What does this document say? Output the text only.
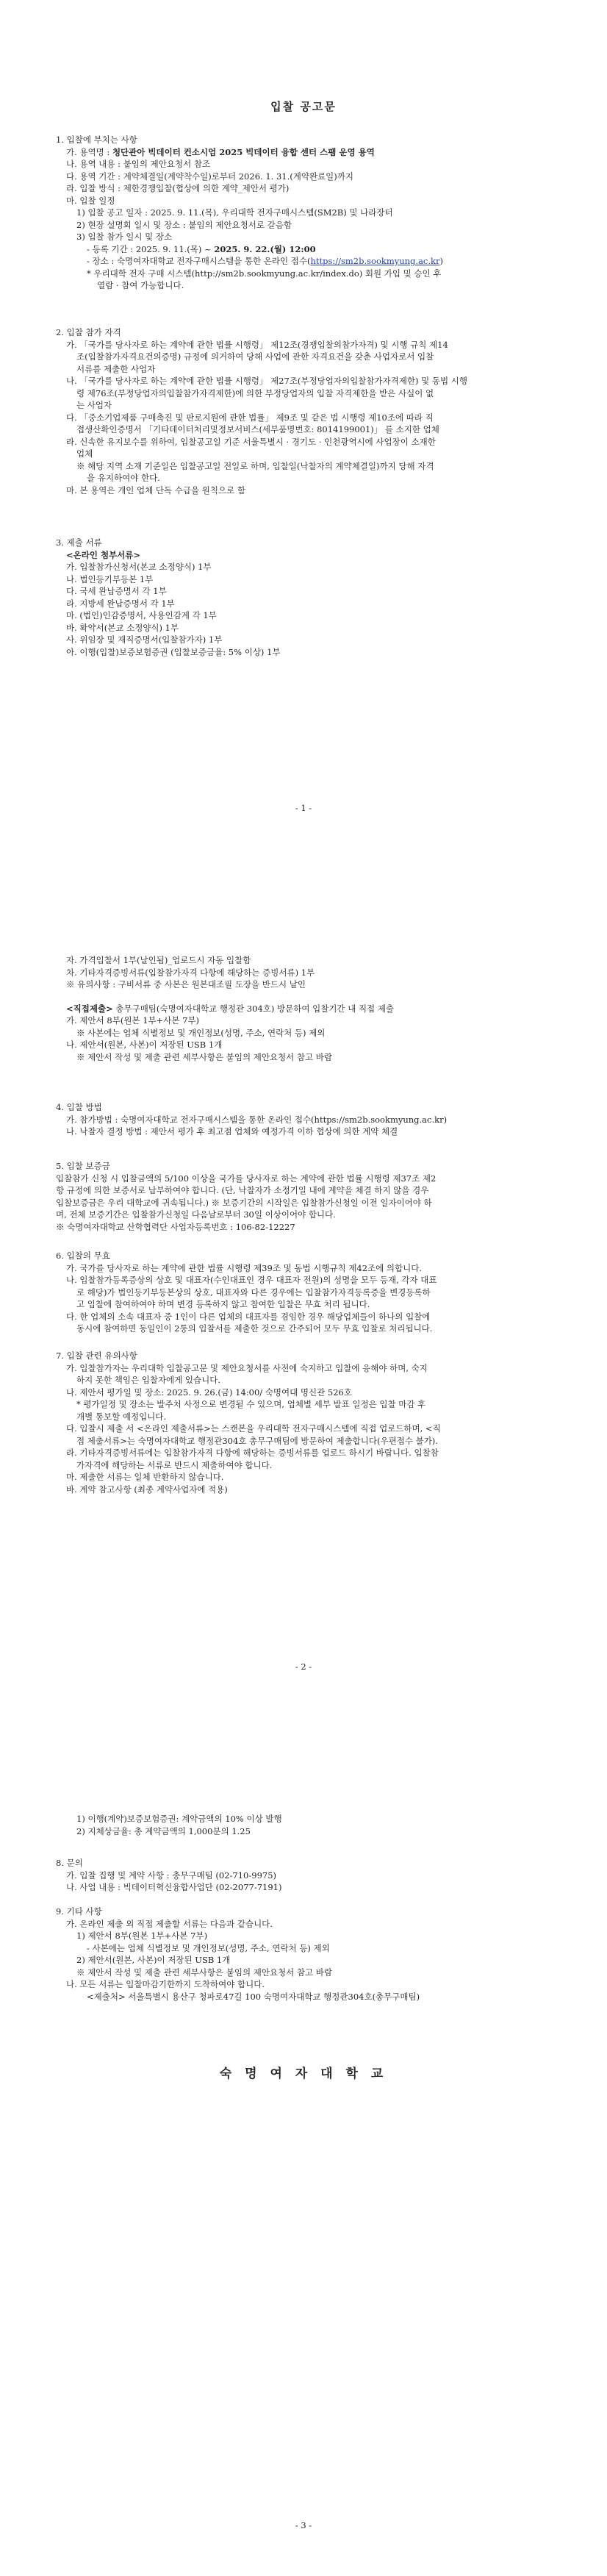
입찰 공고문
1. 입찰에 부치는 사항
가. 용역명 : 청단관아 빅데이터 컨소시엄 2025 빅데이터 융합 센터 스팸 운영 용역
나. 용역 내용 : 붙임의 제안요청서 참조
다. 용역 기간 : 계약체결일(계약착수일)로부터 2026. 1. 31.(계약완료일)까지
라. 입찰 방식 : 제한경쟁입찰(협상에 의한 계약_제안서 평가)
마. 입찰 일정
1) 입찰 공고 일자 : 2025. 9. 11.(목), 우리대학 전자구매시스템(SM2B) 및 나라장터
2) 현장 설명회 일시 및 장소 : 붙임의 제안요청서로 갈음함
3) 입찰 참가 일시 및 장소
- 등록 기간 : 2025. 9. 11.(목) ~ 2025. 9. 22.(월) 12:00
- 장소 : 숙명여자대학교 전자구매시스템을 통한 온라인 접수(https://sm2b.sookmyung.ac.kr)
* 우리대학 전자 구매 시스템(http://sm2b.sookmyung.ac.kr/index.do) 회원 가입 및 승인 후
열람 · 참여 가능합니다.
2. 입찰 참가 자격
가. 「국가를 당사자로 하는 계약에 관한 법률 시행령」 제12조(경쟁입찰의참가자격) 및 시행 규칙 제14
조(입찰참가자격요건의증명) 규정에 의거하여 당해 사업에 관한 자격요건을 갖춘 사업자로서 입찰
서류를 제출한 사업자
나. 「국가를 당사자로 하는 계약에 관한 법률 시행령」 제27조(부정당업자의입찰참가자격제한) 및 동법 시행
령 제76조(부정당업자의입찰참가자격제한)에 의한 부정당업자의 입찰 자격제한을 받은 사실이 없
는 사업자
다. 「중소기업제품 구매촉진 및 판로지원에 관한 법률」 제9조 및 같은 법 시행령 제10조에 따라 직
접생산확인증명서 「기타데이터처리및정보서비스(세부품명번호: 8014199001)」 를 소지한 업체
라. 신속한 유지보수를 위하여, 입찰공고일 기준 서울특별시 · 경기도 · 인천광역시에 사업장이 소재한
업체
※ 해당 지역 소재 기준일은 입찰공고일 전일로 하며, 입찰일(낙찰자의 계약체결일)까지 당해 자격
을 유지하여야 한다.
마. 본 용역은 개인 업체 단독 수급을 원칙으로 함
3. 제출 서류
<온라인 첨부서류>
가. 입찰참가신청서(본교 소정양식) 1부
나. 법인등기부등본 1부
다. 국세 완납증명서 각 1부
라. 지방세 완납증명서 각 1부
마. (법인)인감증명서, 사용인감계 각 1부
바. 확약서(본교 소정양식) 1부
사. 위임장 및 재직증명서(입찰참가자) 1부
아. 이행(입찰)보증보험증권 (입찰보증금율: 5% 이상) 1부
- 1 -
자. 가격입찰서 1부(날인됨)_업로드시 자동 입찰함
차. 기타자격증빙서류(입찰참가자격 다항에 해당하는 증빙서류) 1부
※ 유의사항 : 구비서류 중 사본은 원본대조필 도장을 반드시 날인
<직접제출> 총무구매팀(숙명여자대학교 행정관 304호) 방문하여 입찰기간 내 직접 제출
가. 제안서 8부(원본 1부+사본 7부)
※ 사본에는 업체 식별정보 및 개인정보(성명, 주소, 연락처 등) 제외
나. 제안서(원본, 사본)이 저장된 USB 1개
※ 제안서 작성 및 제출 관련 세부사항은 붙임의 제안요청서 참고 바람
4. 입찰 방법
가. 참가방법 : 숙명여자대학교 전자구매시스템을 통한 온라인 접수(https://sm2b.sookmyung.ac.kr)
나. 낙찰자 결정 방법 : 제안서 평가 후 최고점 업체와 예정가격 이하 협상에 의한 계약 체결
5. 입찰 보증금
입찰참가 신청 시 입찰금액의 5/100 이상을 국가를 당사자로 하는 계약에 관한 법률 시행령 제37조 제2
항 규정에 의한 보증서로 납부하여야 합니다. (단, 낙찰자가 소정기일 내에 계약을 체결 하지 않을 경우
입찰보증금은 우리 대학교에 귀속됩니다.) ※ 보증기간의 시작일은 입찰참가신청일 이전 일자이어야 하
며, 전체 보증기간은 입찰참가신청일 다음날로부터 30일 이상이어야 합니다.
※ 숙명여자대학교 산학협력단 사업자등록번호 : 106-82-12227
6. 입찰의 무효
가. 국가를 당사자로 하는 계약에 관한 법률 시행령 제39조 및 동법 시행규칙 제42조에 의합니다.
나. 입찰참가등록증상의 상호 및 대표자(수인대표인 경우 대표자 전원)의 성명을 모두 등재, 각자 대표
로 해당)가 법인등기부등본상의 상호, 대표자와 다른 경우에는 입찰참가자격등록증을 변경등록하
고 입찰에 참여하여야 하며 변경 등록하지 않고 참여한 입찰은 무효 처리 됩니다.
다. 한 업체의 소속 대표자 중 1인이 다른 업체의 대표자를 겸임한 경우 해당업체들이 하나의 입찰에
동시에 참여하면 동일인이 2통의 입찰서를 제출한 것으로 간주되어 모두 무효 입찰로 처리됩니다.
7. 입찰 관련 유의사항
가. 입찰참가자는 우리대학 입찰공고문 및 제안요청서를 사전에 숙지하고 입찰에 응해야 하며, 숙지
하지 못한 책임은 입찰자에게 있습니다.
나. 제안서 평가일 및 장소: 2025. 9. 26.(금) 14:00/ 숙명여대 명신관 526호
* 평가일정 및 장소는 발주처 사정으로 변경될 수 있으며, 업체별 세부 발표 일정은 입찰 마감 후
개별 통보할 예정입니다.
다. 입찰시 제출 서 <온라인 제출서류>는 스캔본을 우리대학 전자구매시스템에 직접 업로드하며, <직
접 제출서류>는 숙명여자대학교 행정관304호 총무구매팀에 방문하여 제출합니다(우편접수 불가).
라. 기타자격증빙서류에는 입찰참가자격 다항에 해당하는 증빙서류를 업로드 하시기 바랍니다. 입찰참
가자격에 해당하는 서류로 반드시 제출하여야 합니다.
마. 제출한 서류는 일체 반환하지 않습니다.
바. 계약 참고사항 (최종 계약사업자에 적용)
- 2 -
1) 이행(계약)보증보험증권: 계약금액의 10% 이상 발행
2) 지체상금율: 총 계약금액의 1,000분의 1.25
8. 문의
가. 입찰 집행 및 계약 사항 : 총무구매팀 (02-710-9975)
나. 사업 내용 : 빅데이터혁신융합사업단 (02-2077-7191)
9. 기타 사항
가. 온라인 제출 외 직접 제출할 서류는 다음과 같습니다.
1) 제안서 8부(원본 1부+사본 7부)
- 사본에는 업체 식별정보 및 개인정보(성명, 주소, 연락처 등) 제외
2) 제안서(원본, 사본)이 저장된 USB 1개
※ 제안서 작성 및 제출 관련 세부사항은 붙임의 제안요청서 참고 바람
나. 모든 서류는 입찰마감기한까지 도착하여야 합니다.
<제출처> 서울특별시 용산구 청파로47길 100 숙명여자대학교 행정관304호(총무구매팀)
숙 명 여 자 대 학 교
- 3 -
